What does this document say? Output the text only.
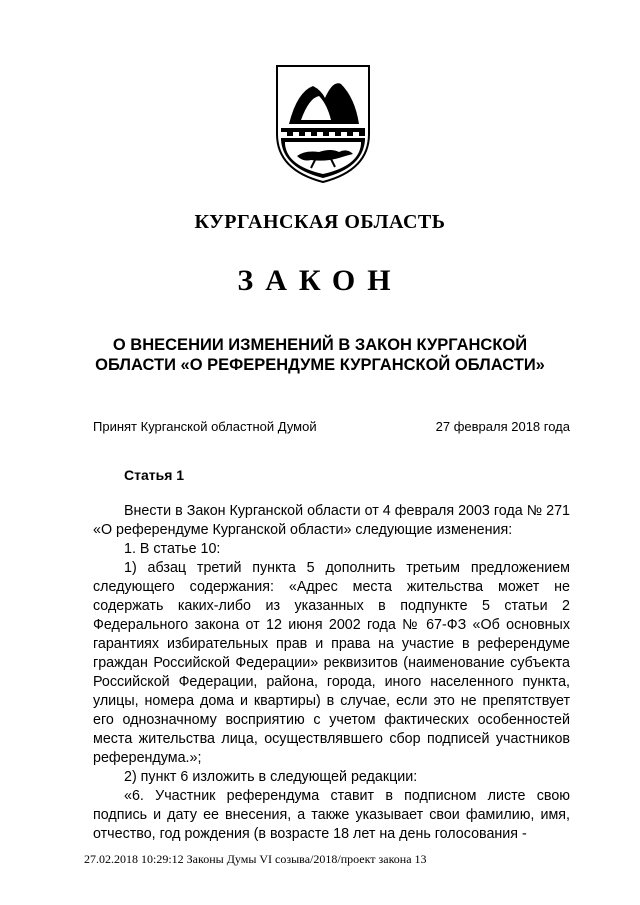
КУРГАНСКАЯ ОБЛАСТЬ
ЗАКОН
О ВНЕСЕНИИ ИЗМЕНЕНИЙ В ЗАКОН КУРГАНСКОЙ
ОБЛАСТИ «О РЕФЕРЕНДУМЕ КУРГАНСКОЙ ОБЛАСТИ»
Принят Курганской областной Думой	27 февраля 2018 года
Статья 1

Внести в Закон Курганской области от 4 февраля 2003 года № 271 «О референдуме Курганской области» следующие изменения:

1. В статье 10:

1) абзац третий пункта 5 дополнить третьим предложением следующего содержания: «Адрес места жительства может не содержать каких-либо из указанных в подпункте 5 статьи 2 Федерального закона от 12 июня 2002 года № 67-ФЗ «Об основных гарантиях избирательных прав и права на участие в референдуме граждан Российской Федерации» реквизитов (наименование субъекта Российской Федерации, района, города, иного населенного пункта, улицы, номера дома и квартиры) в случае, если это не препятствует его однозначному восприятию с учетом фактических особенностей места жительства лица, осуществлявшего сбор подписей участников референдума.»;

2) пункт 6 изложить в следующей редакции:

«6. Участник референдума ставит в подписном листе свою подпись и дату ее внесения, а также указывает свои фамилию, имя, отчество, год рождения (в возрасте 18 лет на день голосования -

27.02.2018 10:29:12 Законы Думы VI созыва/2018/проект закона 13
